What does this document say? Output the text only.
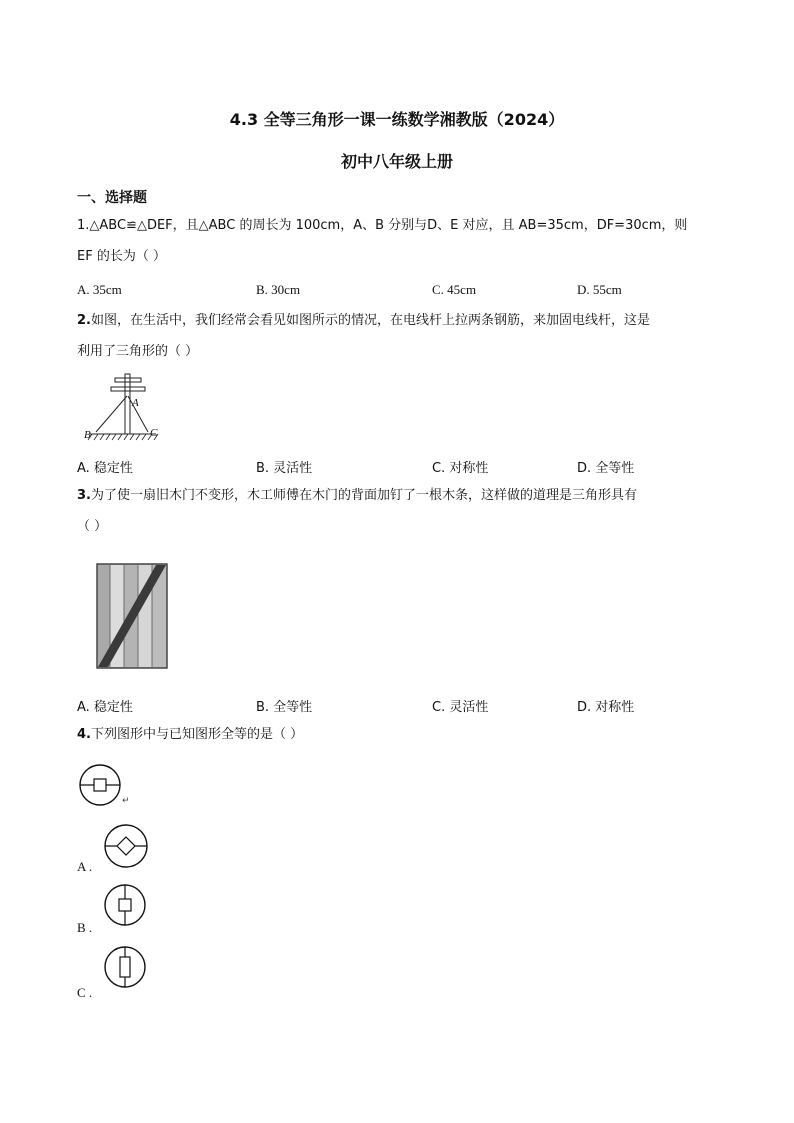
4.3 全等三角形一课一练数学湘教版（2024）
初中八年级上册
一、选择题
1.△ABC≌△DEF，且△ABC 的周长为 100cm，A、B 分别与D、E 对应，且 AB=35cm，DF=30cm，则
EF 的长为（ ）
A. 35cm	B. 30cm	C. 45cm	D. 55cm
2.如图，在生活中，我们经常会看见如图所示的情况，在电线杆上拉两条钢筋，来加固电线杆，这是
利用了三角形的（ ）
A
B	C
A. 稳定性	B. 灵活性	C. 对称性	D. 全等性
3.为了使一扇旧木门不变形，木工师傅在木门的背面加钉了一根木条，这样做的道理是三角形具有
（ ）
A. 稳定性	B. 全等性	C. 灵活性	D. 对称性
4.下列图形中与已知图形全等的是（ ）
↵
A .
B .
C .
